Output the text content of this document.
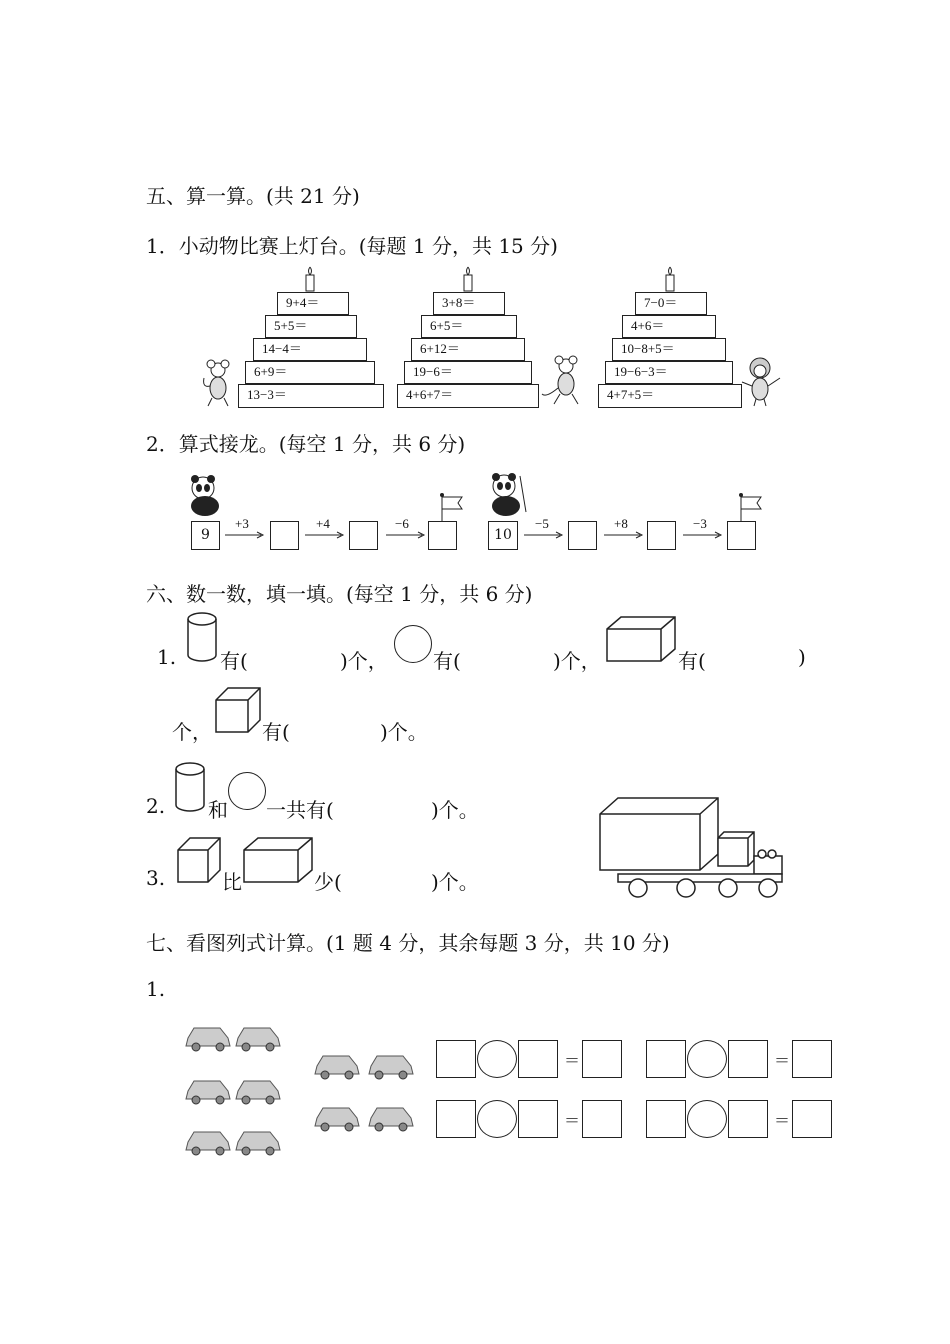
五、算一算。(共 21 分)
1．小动物比赛上灯台。(每题 1 分，共 15 分)
9+4＝
5+5＝
14−4＝
6+9＝
13−3＝
3+8＝
6+5＝
6+12＝
19−6＝
4+6+7＝
7−0＝
4+6＝
10−8+5＝
19−6−3＝
4+7+5＝
2．算式接龙。(每空 1 分，共 6 分)
9
+3	+4	−6
10
−5	+8	−3
六、数一数，填一填。(每空 1 分，共 6 分)
1. 有(	)个， 有(	)个，	有(	)
个，	有(	)个。
2. 和 一共有(	)个。
3.	比	少(	)个。
七、看图列式计算。(1 题 4 分，其余每题 3 分，共 10 分)
1.
＝	＝
＝	＝
